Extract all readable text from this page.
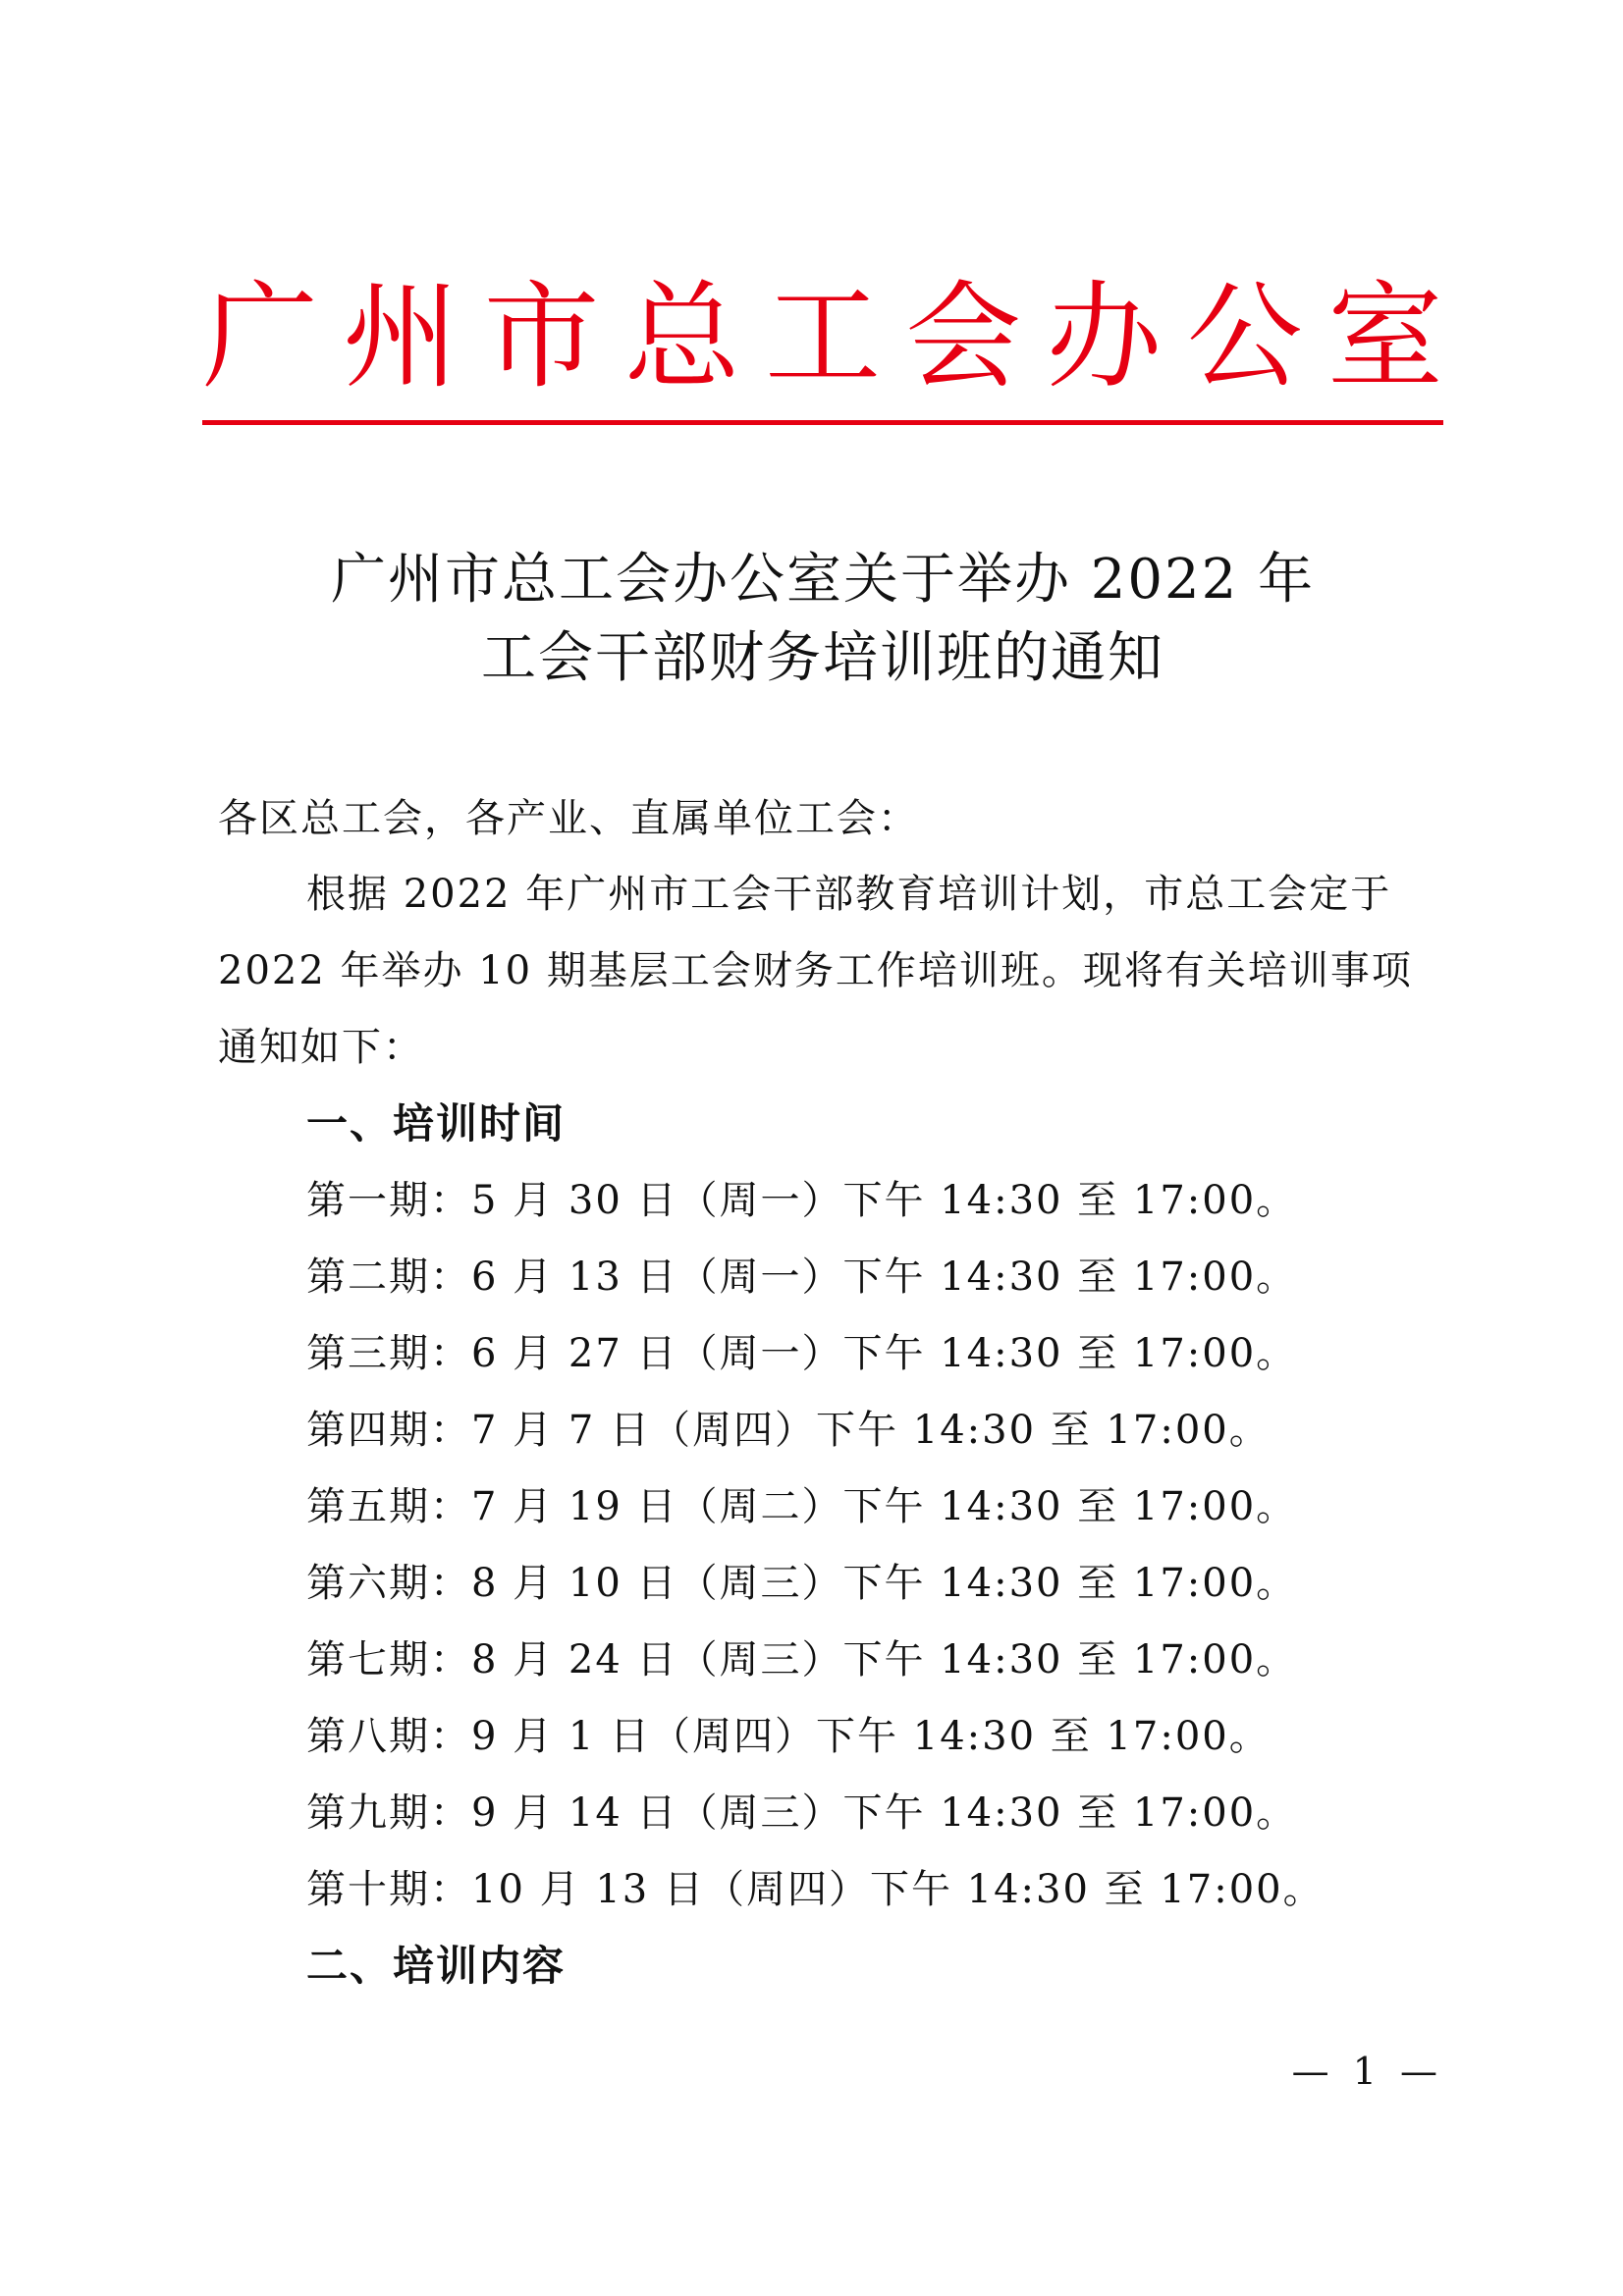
广 州 市 总 工 会 办 公 室
广州市总工会办公室关于举办 2022 年
工会干部财务培训班的通知
各区总工会，各产业、直属单位工会：
根据 2022 年广州市工会干部教育培训计划，市总工会定于 2022 年举办 10 期基层工会财务工作培训班。现将有关培训事项通知如下：
一、培训时间
第一期：5 月 30 日（周一）下午 14:30 至 17:00。
第二期：6 月 13 日（周一）下午 14:30 至 17:00。
第三期：6 月 27 日（周一）下午 14:30 至 17:00。
第四期：7 月 7 日（周四）下午 14:30 至 17:00。
第五期：7 月 19 日（周二）下午 14:30 至 17:00。
第六期：8 月 10 日（周三）下午 14:30 至 17:00。
第七期：8 月 24 日（周三）下午 14:30 至 17:00。
第八期：9 月 1 日（周四）下午 14:30 至 17:00。
第九期：9 月 14 日（周三）下午 14:30 至 17:00。
第十期：10 月 13 日（周四）下午 14:30 至 17:00。
二、培训内容
— 1 —
